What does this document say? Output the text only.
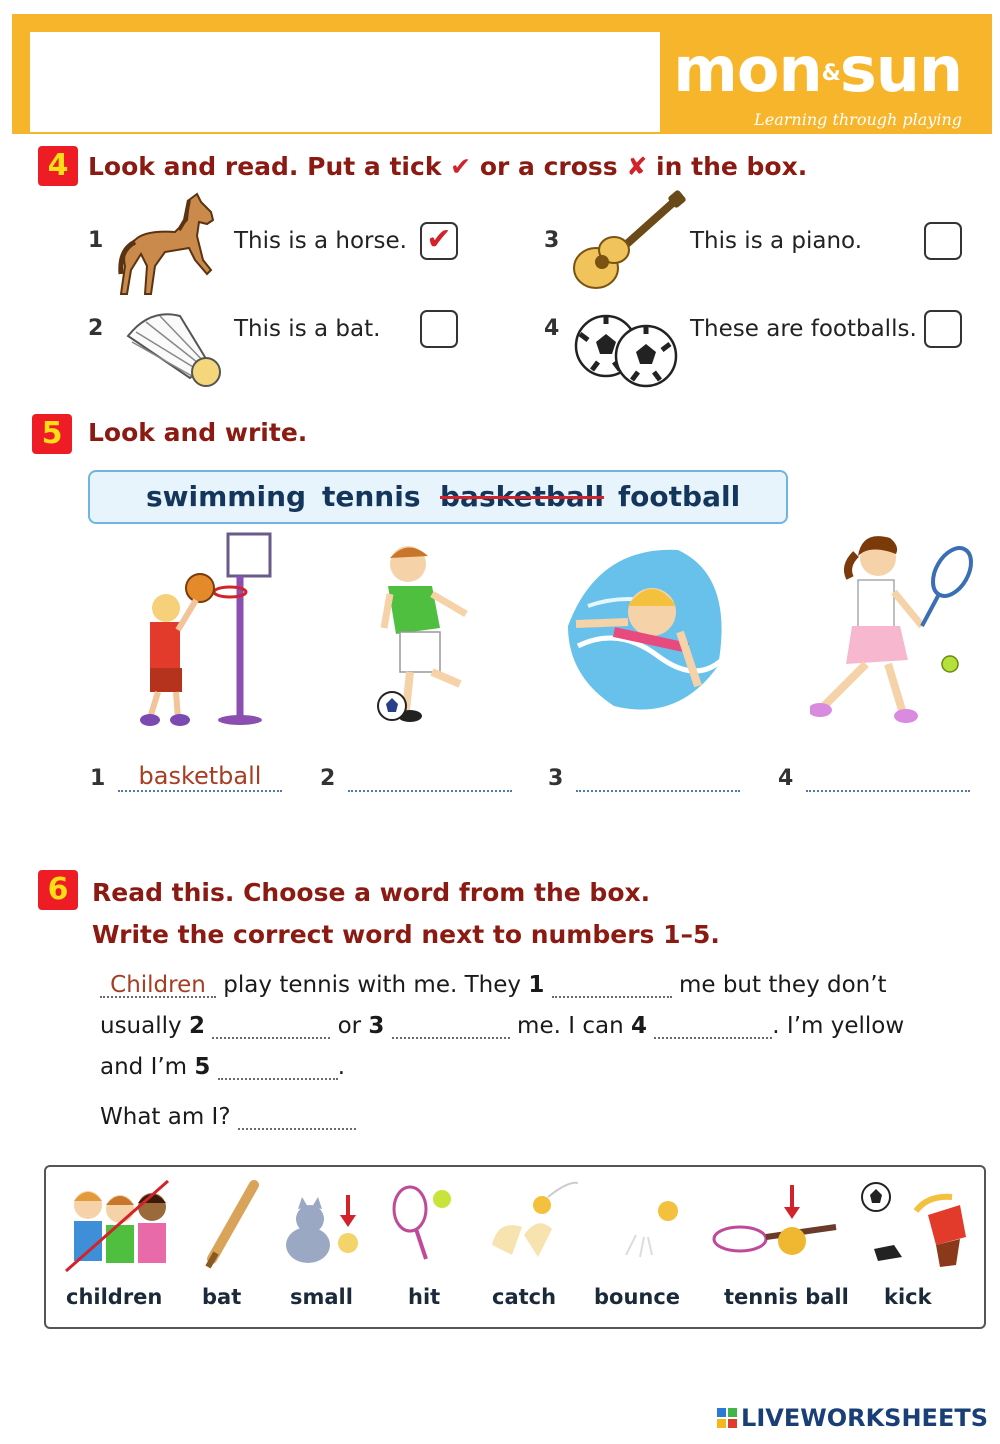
mon&sun
Learning through playing
4 Look and read. Put a tick ✔ or a cross ✘ in the box.
1	This is a horse. ✔
2	This is a bat.
3	This is a piano.
4	These are footballs.
5	Look and write.
swimming tennis basketball football
1	basketball	2	3	4
6 Read this. Choose a word from the box.
Write the correct word next to numbers 1–5.
Children play tennis with me. They 1	me but they don’t
usually 2	or 3	me. I can 4	. I’m yellow
and I’m 5	.
What am I?
children bat small	hit catch bounce tennis ball kick
LIVEWORKSHEETS
